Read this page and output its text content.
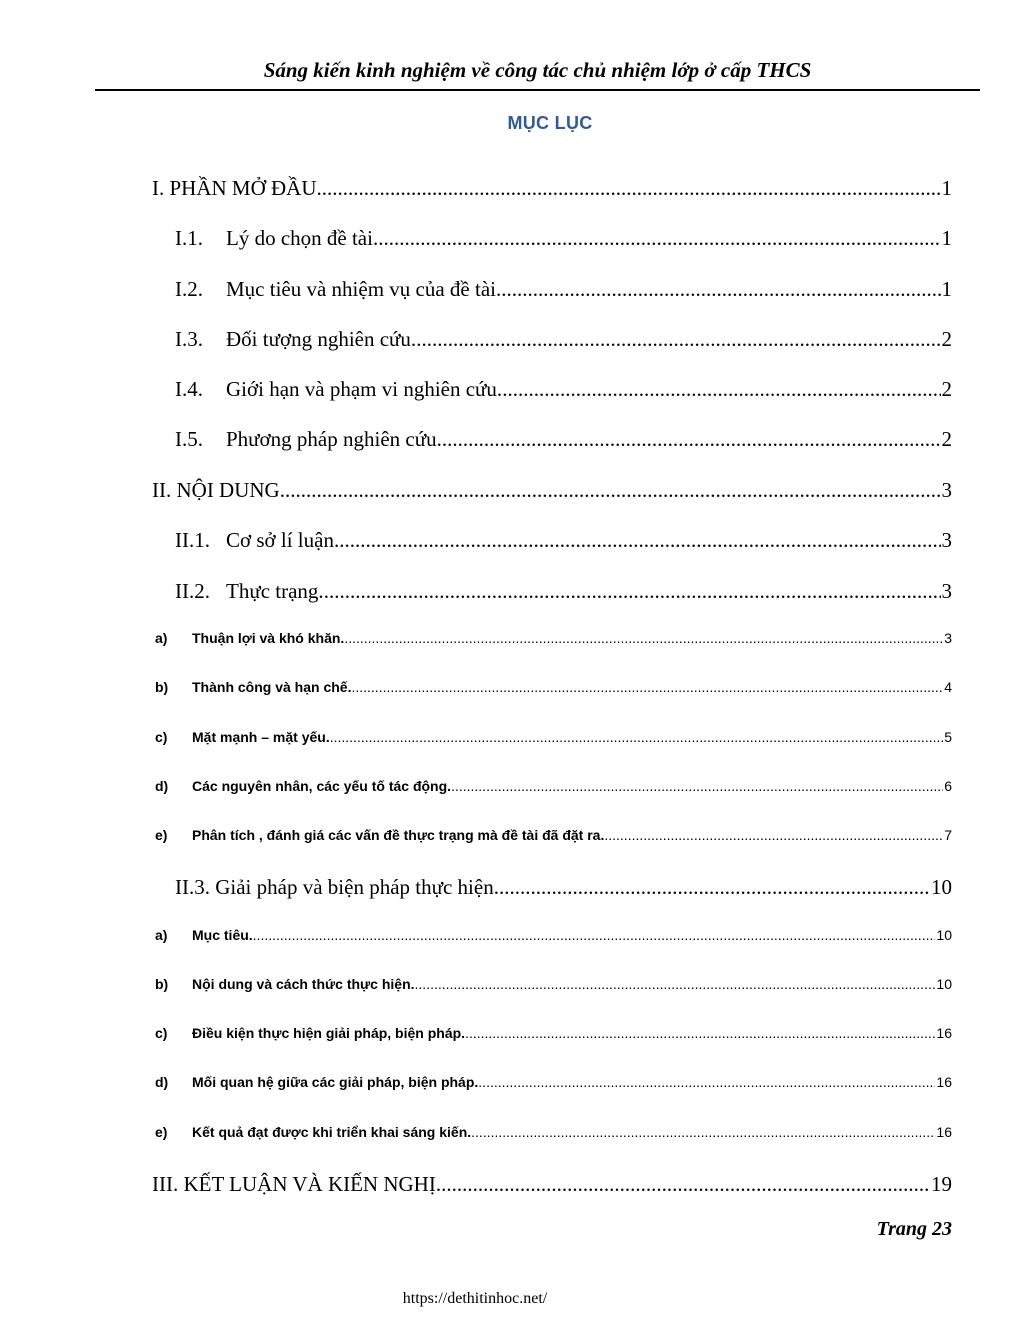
Sáng kiến kinh nghiệm về công tác chủ nhiệm lớp ở cấp THCS
MỤC LỤC
I. PHẦN MỞ ĐẦU .....	1
I.1.	Lý do chọn đề tài .....	1
I.2.	Mục tiêu và nhiệm vụ của đề tài. .....	1
I.3.	Đối tượng nghiên cứu. .....	2
I.4.	Giới hạn và phạm vi nghiên cứu. .....	2
I.5.	Phương pháp nghiên cứu. .....	2
II. NỘI DUNG .....	3
II.1. Cơ sở lí luận. .....	3
II.2. Thực trạng. .....	3
a)	Thuận lợi và khó khăn. .....	3
b)	Thành công và hạn chế. .....	4
c)	Mặt mạnh – mặt yếu. .....	5
d)	Các nguyên nhân, các yếu tố tác động. .....	6
e)	Phân tích , đánh giá các vấn đề thực trạng mà đề tài đã đặt ra. .....	7
II.3. Giải pháp và biện pháp thực hiện. .....	10
a)	Mục tiêu. .....	10
b)	Nội dung và cách thức thực hiện. .....	10
c)	Điều kiện thực hiện giải pháp, biện pháp. .....	16
d)	Mối quan hệ giữa các giải pháp, biện pháp. .....	16
e)	Kết quả đạt được khi triển khai sáng kiến. .....	16
III. KẾT LUẬN VÀ KIẾN NGHỊ .....	19
Trang 23
https://dethitinhoc.net/
